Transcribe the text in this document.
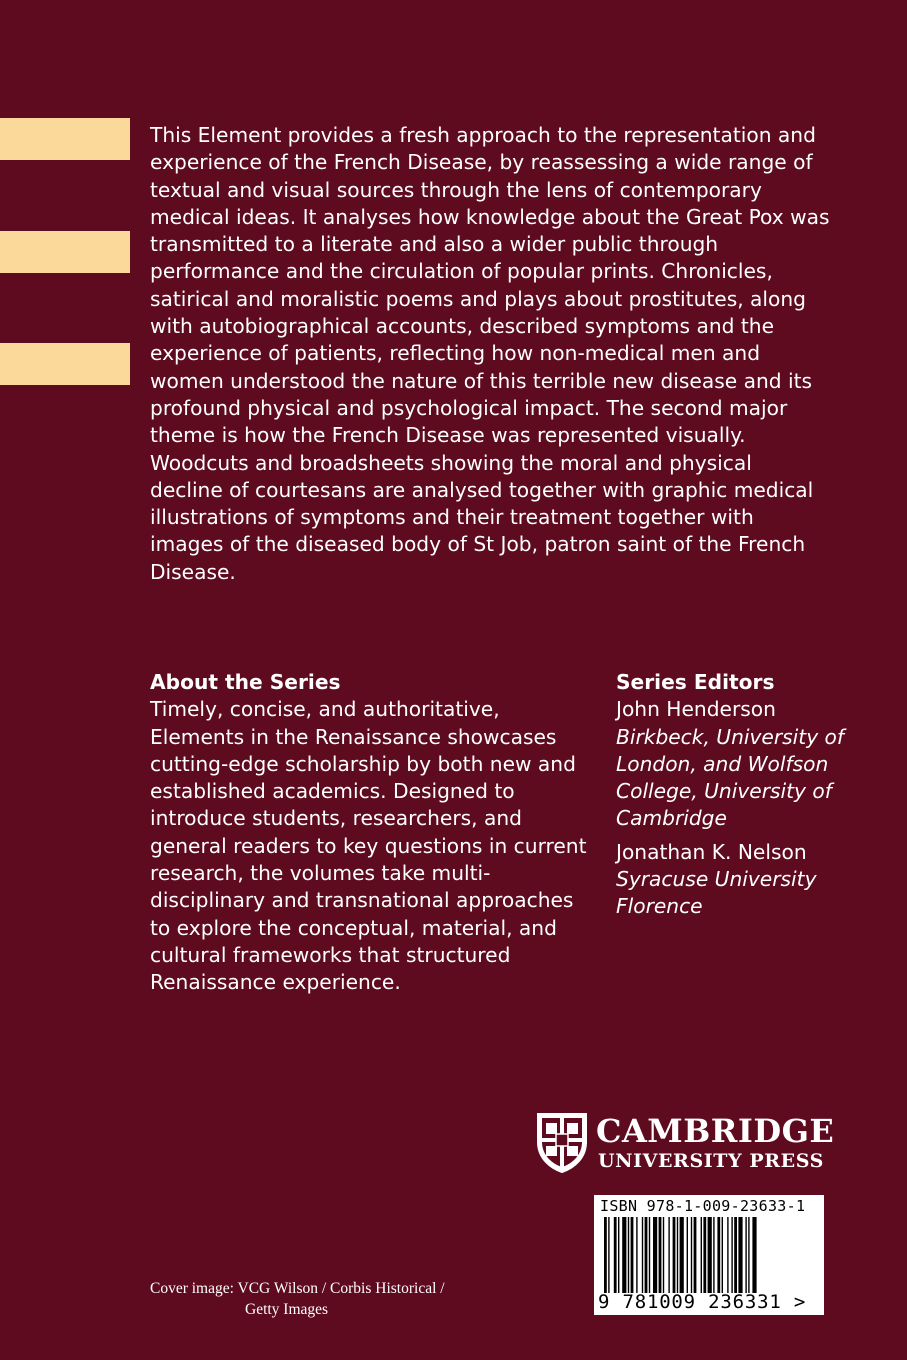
This Element provides a fresh approach to the representation and experience of the French Disease, by reassessing a wide range of textual and visual sources through the lens of contemporary medical ideas. It analyses how knowledge about the Great Pox was transmitted to a literate and also a wider public through performance and the circulation of popular prints. Chronicles, satirical and moralistic poems and plays about prostitutes, along with autobiographical accounts, described symptoms and the experience of patients, reflecting how non-medical men and women understood the nature of this terrible new disease and its profound physical and psychological impact. The second major theme is how the French Disease was represented visually. Woodcuts and broadsheets showing the moral and physical decline of courtesans are analysed together with graphic medical illustrations of symptoms and their treatment together with images of the diseased body of St Job, patron saint of the French Disease.

About the Series

Timely, concise, and authoritative, Elements in the Renaissance showcases cutting-edge scholarship by both new and established academics. Designed to introduce students, researchers, and general readers to key questions in current research, the volumes take multi-disciplinary and transnational approaches to explore the conceptual, material, and cultural frameworks that structured Renaissance experience.

Series Editors

John Henderson
Birkbeck, University of London, and Wolfson College, University of Cambridge
Jonathan K. Nelson
Syracuse University Florence
CAMBRIDGE
UNIVERSITY PRESS
ISBN 978-1-009-23633-1
9 781009 236331 >
Cover image: VCG Wilson / Corbis Historical /
Getty Images
